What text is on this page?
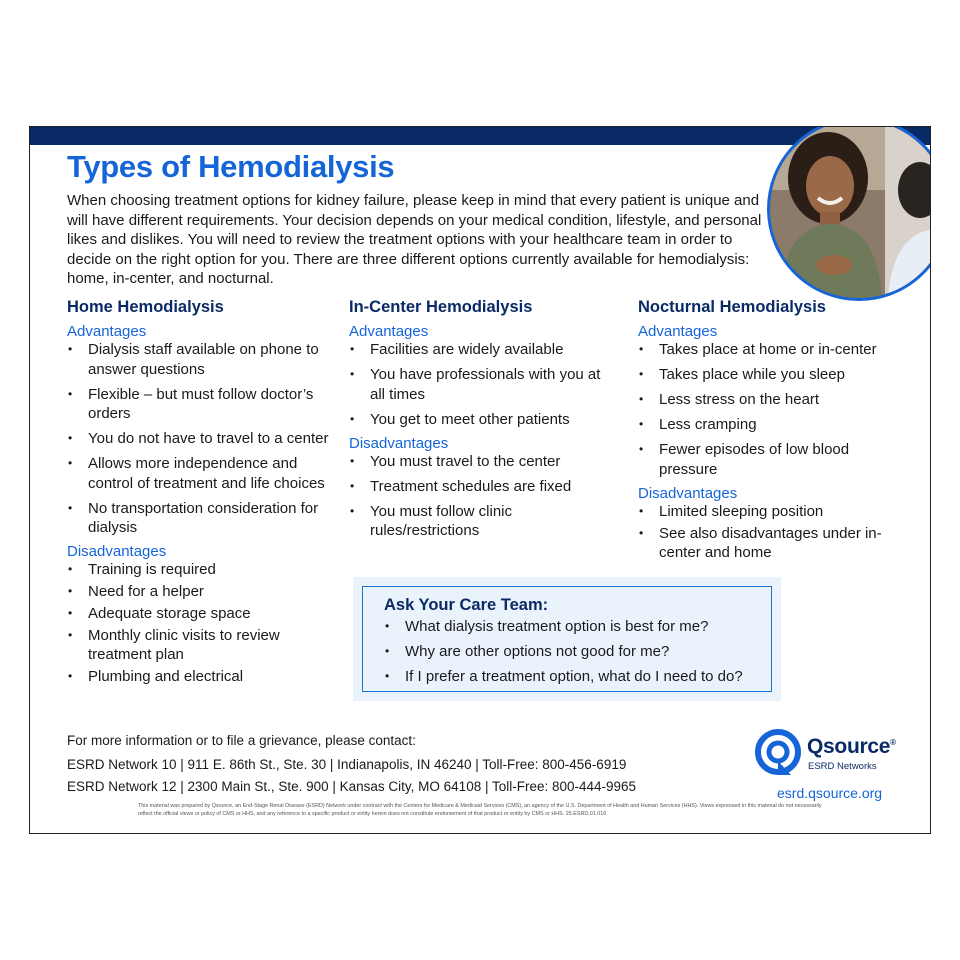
Types of Hemodialysis

When choosing treatment options for kidney failure, please keep in mind that every patient is unique and will have different requirements. Your decision depends on your medical condition, lifestyle, and personal likes and dislikes. You will need to review the treatment options with your healthcare team in order to decide on the right option for you. There are three different options currently available for hemodialysis: home, in-center, and nocturnal.

Home Hemodialysis

Advantages

• Dialysis staff available on phone to answer questions
• Flexible – but must follow doctor’s orders
• You do not have to travel to a center
• Allows more independence and control of treatment and life choices
• No transportation consideration for dialysis

Disadvantages

• Training is required
• Need for a helper
• Adequate storage space
• Monthly clinic visits to review treatment plan
• Plumbing and electrical
In-Center Hemodialysis

Advantages

• Facilities are widely available
• You have professionals with you at all times
• You get to meet other patients

Disadvantages

• You must travel to the center
• Treatment schedules are fixed
• You must follow clinic rules/restrictions
Nocturnal Hemodialysis

Advantages

• Takes place at home or in-center
• Takes place while you sleep
• Less stress on the heart
• Less cramping
• Fewer episodes of low blood pressure

Disadvantages

• Limited sleeping position
• See also disadvantages under in-center and home
Ask Your Care Team:
• What dialysis treatment option is best for me?
• Why are other options not good for me?
• If I prefer a treatment option, what do I need to do?

For more information or to file a grievance, please contact:

ESRD Network 10 | 911 E. 86th St., Ste. 30 | Indianapolis, IN 46240 | Toll-Free: 800-456-6919

ESRD Network 12 | 2300 Main St., Ste. 900 | Kansas City, MO 64108 | Toll-Free: 800-444-9965

Qsource®
ESRD Networks
esrd.qsource.org

This material was prepared by Qsource, an End-Stage Renal Disease (ESRD) Network under contract with the Centers for Medicare & Medicaid Services (CMS), an agency of the U.S. Department of Health and Human Services (HHS). Views expressed in this material do not necessarily reflect the official views or policy of CMS or HHS, and any reference to a specific product or entity herein does not constitute endorsement of that product or entity by CMS or HHS. 25.ESRD.01.016
